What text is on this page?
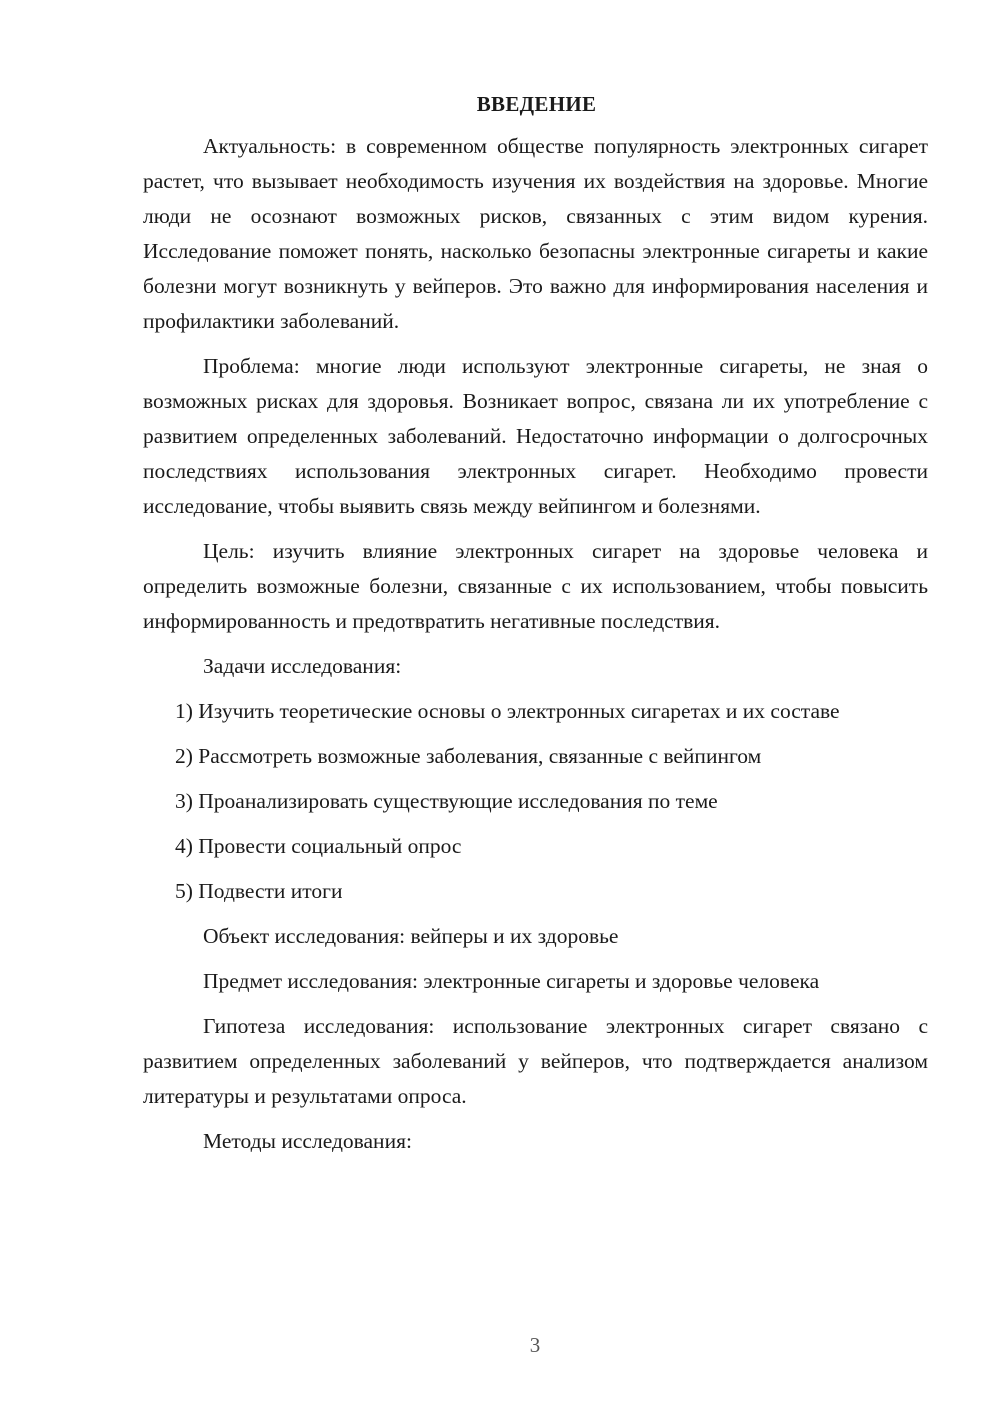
ВВЕДЕНИЕ

Актуальность: в современном обществе популярность электронных сигарет растет, что вызывает необходимость изучения их воздействия на здоровье. Многие люди не осознают возможных рисков, связанных с этим видом курения. Исследование поможет понять, насколько безопасны электронные сигареты и какие болезни могут возникнуть у вейперов. Это важно для информирования населения и профилактики заболеваний.

Проблема: многие люди используют электронные сигареты, не зная о возможных рисках для здоровья. Возникает вопрос, связана ли их употребление с развитием определенных заболеваний. Недостаточно информации о долгосрочных последствиях использования электронных сигарет. Необходимо провести исследование, чтобы выявить связь между вейпингом и болезнями.

Цель: изучить влияние электронных сигарет на здоровье человека и определить возможные болезни, связанные с их использованием, чтобы повысить информированность и предотвратить негативные последствия.

Задачи исследования:

1) Изучить теоретические основы о электронных сигаретах и их составе

2) Рассмотреть возможные заболевания, связанные с вейпингом
3) Проанализировать существующие исследования по теме
4) Провести социальный опрос
5) Подвести итоги
Объект исследования: вейперы и их здоровье
Предмет исследования: электронные сигареты и здоровье человека

Гипотеза исследования: использование электронных сигарет связано с развитием определенных заболеваний у вейперов, что подтверждается анализом литературы и результатами опроса.

Методы исследования:
3
